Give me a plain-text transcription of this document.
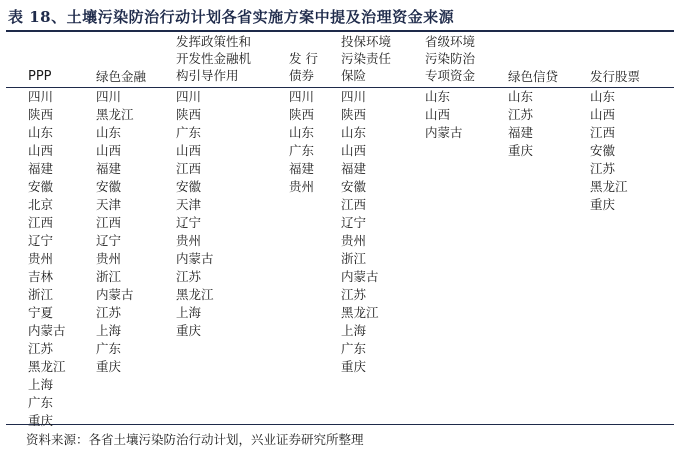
表 18、土壤污染防治行动计划各省实施方案中提及治理资金来源
PPP
四川
陕西
山东
山西
福建
安徽
北京
江西
辽宁
贵州
吉林
浙江
宁夏
内蒙古
江苏
黑龙江
上海
广东
重庆
绿色金融
四川
黑龙江
山东
山西
福建
安徽
天津
江西
辽宁
贵州
浙江
内蒙古
江苏
上海
广东
重庆
发挥政策性和
开发性金融机
构引导作用
四川
陕西
广东
山西
江西
安徽
天津
辽宁
贵州
内蒙古
江苏
黑龙江
上海
重庆
发 行
债券
四川
陕西
山东
广东
福建
贵州
投保环境
污染责任
保险
四川
陕西
山东
山西
福建
安徽
江西
辽宁
贵州
浙江
内蒙古
江苏
黑龙江
上海
广东
重庆
省级环境
污染防治
专项资金
山东
山西
内蒙古
绿色信贷
山东
江苏
福建
重庆
发行股票
山东
山西
江西
安徽
江苏
黑龙江
重庆
资料来源：各省土壤污染防治行动计划，兴业证券研究所整理
